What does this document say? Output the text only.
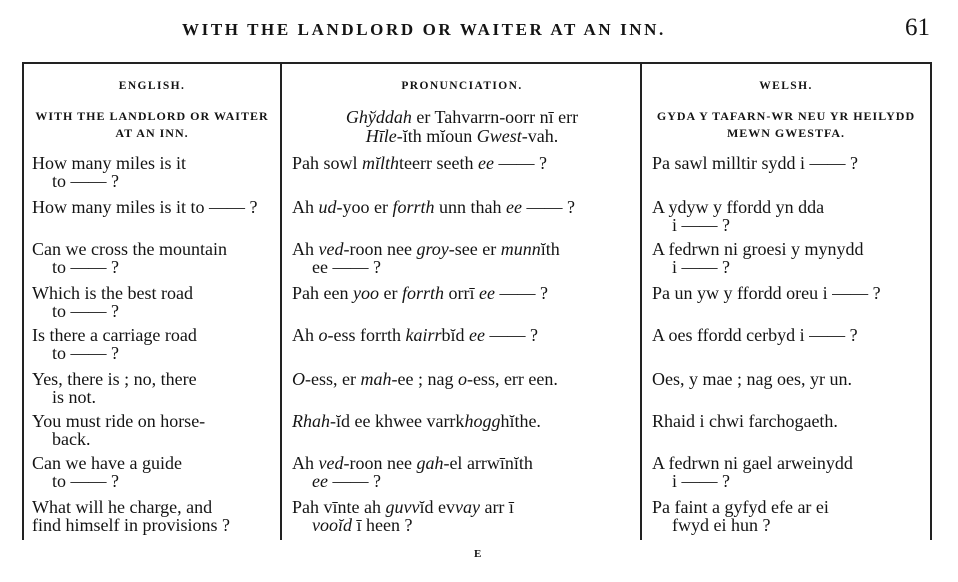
WITH THE LANDLORD OR WAITER AT AN INN.	61
ENGLISH.
WITH THE LANDLORD OR WAITER AT AN INN.
How many miles is it
to —— ?
How many miles is it to —— ?
Can we cross the mountain
to —— ?
Which is the best road
to —— ?
Is there a carriage road
to —— ?
Yes, there is ; no, there
is not.
You must ride on horse-
back.
Can we have a guide
to —— ?
What will he charge, and
find himself in provisions ?
PRONUNCIATION.
Ghўddah er Tahvarrn-oorr nī err
Hīle-ĭth mĭoun Gwest-vah.
Pah sowl mĭlthteerr seeth ee —— ?
Ah ud-yoo er forrth unn thah ee —— ?
Ah ved-roon nee groy-see er munnĭth
ee —— ?
Pah een yoo er forrth orrī ee —— ?
Ah o-ess forrth kairrbĭd ee —— ?
O-ess, er mah-ee ; nag o-ess, err een.
Rhah-ĭd ee khwee varrkhogghĭthe.
Ah ved-roon nee gah-el arrwīnĭth
ee —— ?
Pah vīnte ah guvvĭd evvay arr ī
vooĭd ī heen ?
WELSH.
GYDA Y TAFARN-WR NEU YR HEILYDD MEWN GWESTFA.
Pa sawl milltir sydd i —— ?
A ydyw y ffordd yn dda
i —— ?
A fedrwn ni groesi y mynydd
i —— ?
Pa un yw y ffordd oreu i —— ?
A oes ffordd cerbyd i —— ?
Oes, y mae ; nag oes, yr un.
Rhaid i chwi farchogaeth.
A fedrwn ni gael arweinydd
i —— ?
Pa faint a gyfyd efe ar ei
fwyd ei hun ?
E
